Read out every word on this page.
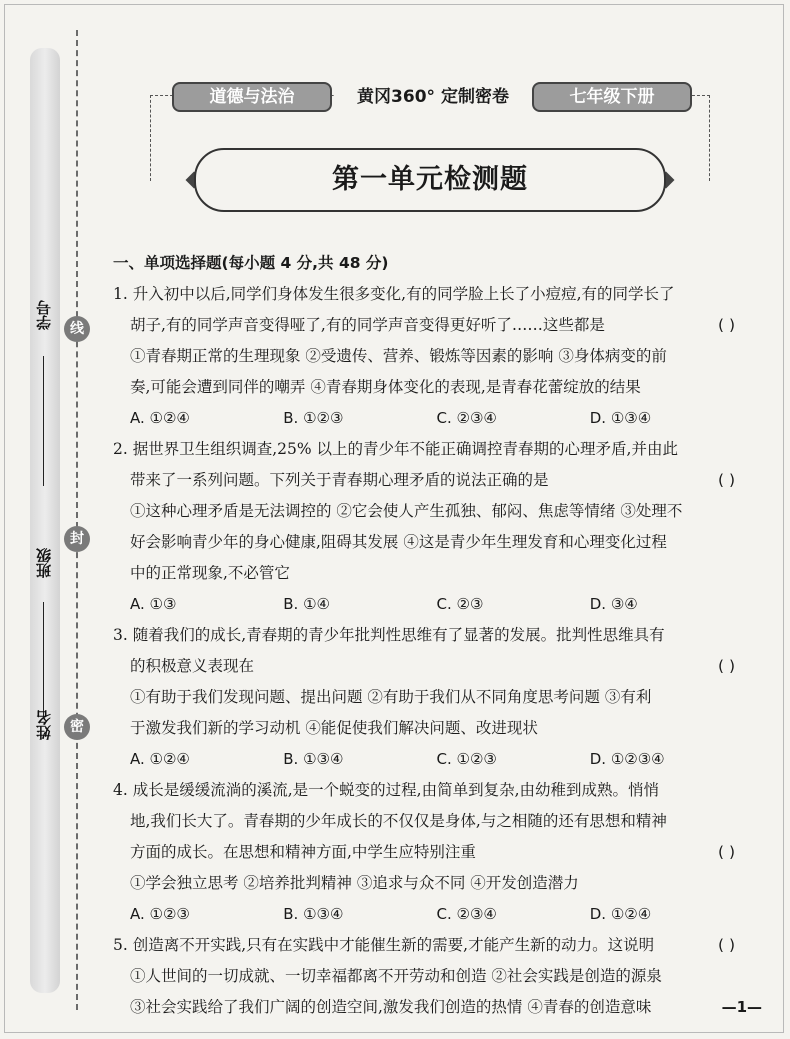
学号
班级
姓名
线
封
密
道德与法治	黄冈360° 定制密卷	七年级下册
第一单元检测题
一、单项选择题(每小题 4 分,共 48 分)
1. 升入初中以后,同学们身体发生很多变化,有的同学脸上长了小痘痘,有的同学长了
胡子,有的同学声音变得哑了,有的同学声音变得更好听了……这些都是	( )
①青春期正常的生理现象 ②受遗传、营养、锻炼等因素的影响 ③身体病变的前
奏,可能会遭到同伴的嘲弄 ④青春期身体变化的表现,是青春花蕾绽放的结果
A. ①②④	B. ①②③	C. ②③④	D. ①③④
2. 据世界卫生组织调查,25% 以上的青少年不能正确调控青春期的心理矛盾,并由此
带来了一系列问题。下列关于青春期心理矛盾的说法正确的是	( )
①这种心理矛盾是无法调控的 ②它会使人产生孤独、郁闷、焦虑等情绪 ③处理不
好会影响青少年的身心健康,阻碍其发展 ④这是青少年生理发育和心理变化过程
中的正常现象,不必管它
A. ①③	B. ①④	C. ②③	D. ③④
3. 随着我们的成长,青春期的青少年批判性思维有了显著的发展。批判性思维具有
的积极意义表现在	( )
①有助于我们发现问题、提出问题 ②有助于我们从不同角度思考问题 ③有利
于激发我们新的学习动机 ④能促使我们解决问题、改进现状
A. ①②④	B. ①③④	C. ①②③	D. ①②③④
4. 成长是缓缓流淌的溪流,是一个蜕变的过程,由简单到复杂,由幼稚到成熟。悄悄
地,我们长大了。青春期的少年成长的不仅仅是身体,与之相随的还有思想和精神
方面的成长。在思想和精神方面,中学生应特别注重	( )
①学会独立思考 ②培养批判精神 ③追求与众不同 ④开发创造潜力
A. ①②③	B. ①③④	C. ②③④	D. ①②④
5. 创造离不开实践,只有在实践中才能催生新的需要,才能产生新的动力。这说明	( )
①人世间的一切成就、一切幸福都离不开劳动和创造 ②社会实践是创造的源泉
③社会实践给了我们广阔的创造空间,激发我们创造的热情 ④青春的创造意味	—1—
